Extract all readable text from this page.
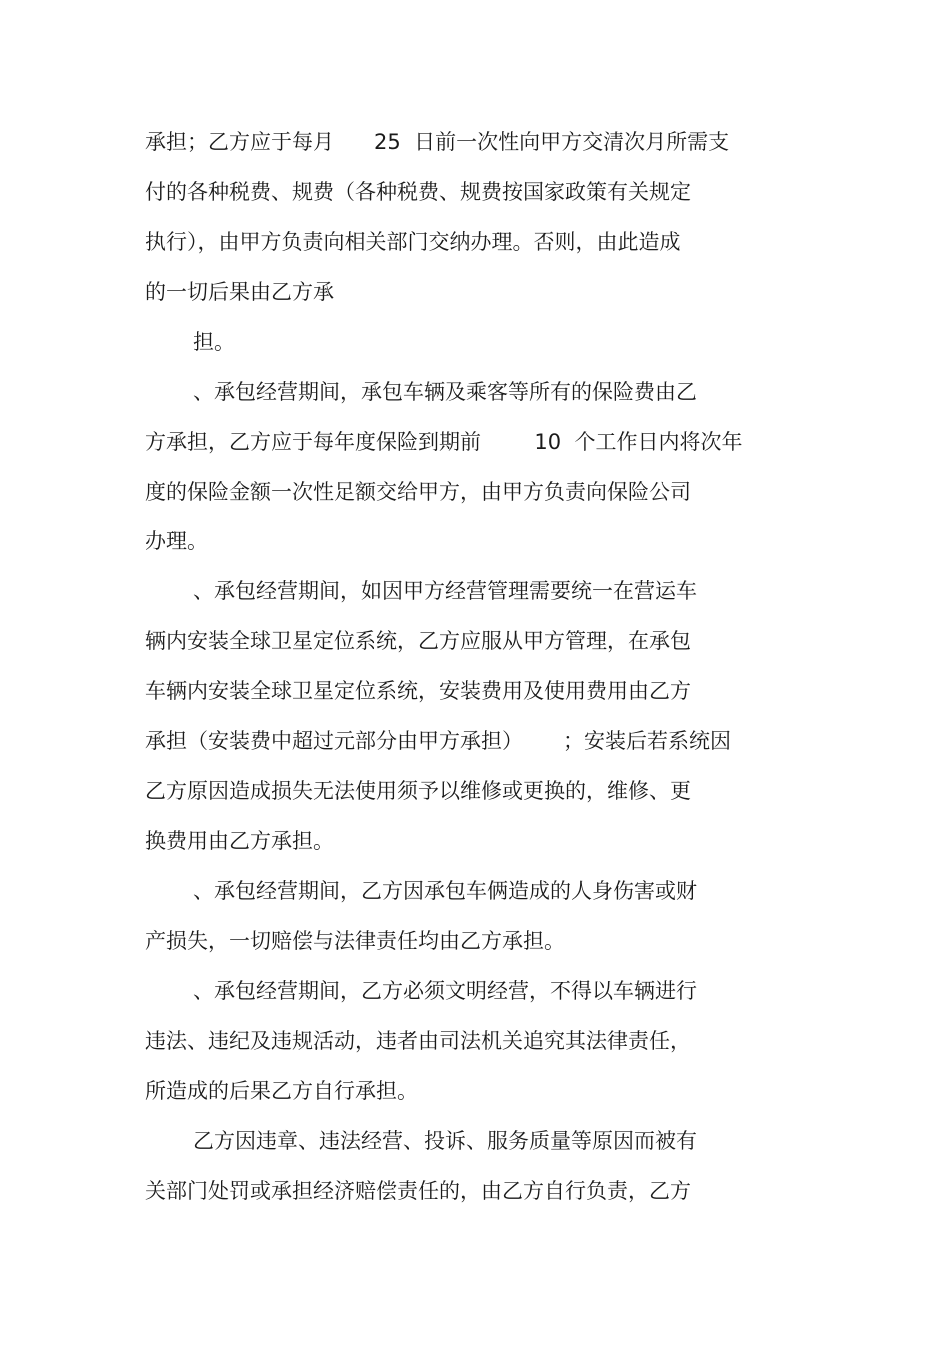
承担；乙方应于每月      25  日前一次性向甲方交清次月所需支
付的各种税费、规费（各种税费、规费按国家政策有关规定
执行），由甲方负责向相关部门交纳办理。否则，由此造成
的一切后果由乙方承
担。
、承包经营期间，承包车辆及乘客等所有的保险费由乙
方承担，乙方应于每年度保险到期前        10  个工作日内将次年
度的保险金额一次性足额交给甲方，由甲方负责向保险公司
办理。
、承包经营期间，如因甲方经营管理需要统一在营运车
辆内安装全球卫星定位系统，乙方应服从甲方管理，在承包
车辆内安装全球卫星定位系统，安装费用及使用费用由乙方
承担（安装费中超过元部分由甲方承担）      ；安装后若系统因
乙方原因造成损失无法使用须予以维修或更换的，维修、更
换费用由乙方承担。
、承包经营期间，乙方因承包车俩造成的人身伤害或财
产损失，一切赔偿与法律责任均由乙方承担。
、承包经营期间，乙方必须文明经营，不得以车辆进行
违法、违纪及违规活动，违者由司法机关追究其法律责任，
所造成的后果乙方自行承担。
乙方因违章、违法经营、投诉、服务质量等原因而被有
关部门处罚或承担经济赔偿责任的，由乙方自行负责，乙方
